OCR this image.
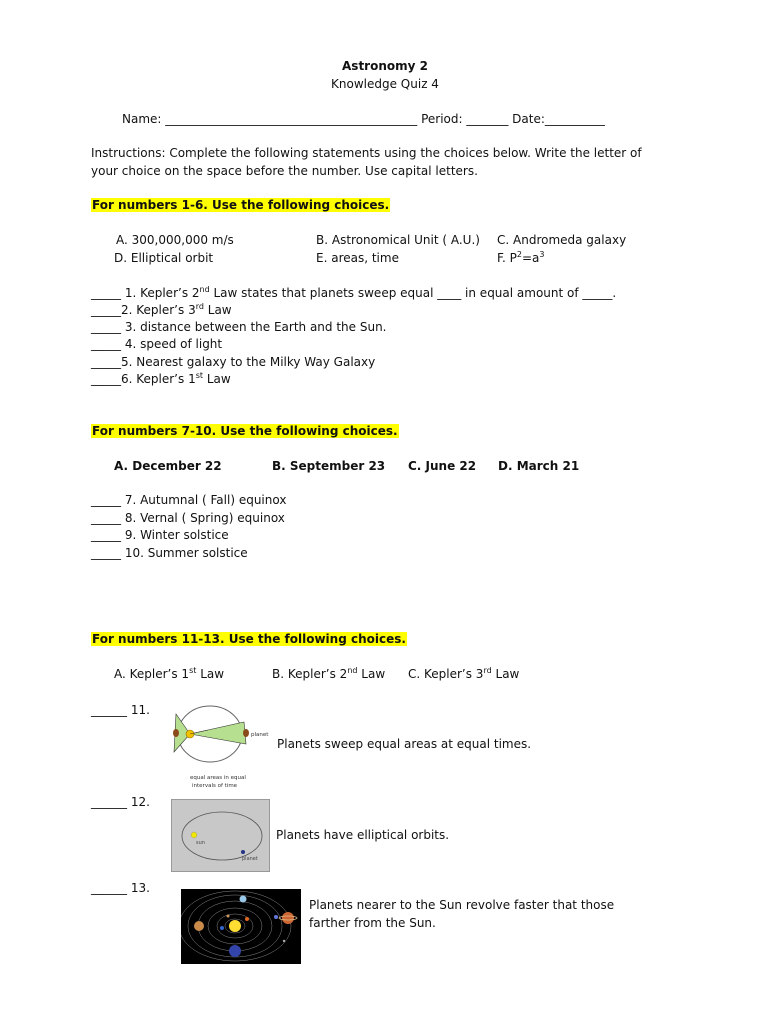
Astronomy 2
Knowledge Quiz 4
Name: __________________________________________ Period: _______ Date:__________
Instructions: Complete the following statements using the choices below. Write the letter of your choice on the space before the number. Use capital letters.
For numbers 1-6. Use the following choices.
A. 300,000,000 m/s	B. Astronomical Unit ( A.U.) C. Andromeda galaxy
D. Elliptical orbit	E. areas, time	F. $P^2=a^3$
_____ 1. Kepler’s 2nd Law states that planets sweep equal ____ in equal amount of _____.
_____2. Kepler’s 3rd Law
_____ 3. distance between the Earth and the Sun.
_____ 4. speed of light
_____5. Nearest galaxy to the Milky Way Galaxy
_____6. Kepler’s 1st Law
For numbers 7-10. Use the following choices.
A. December 22	B. September 23 C. June 22 D. March 21
_____ 7. Autumnal ( Fall) equinox
_____ 8. Vernal ( Spring) equinox
_____ 9. Winter solstice
_____ 10. Summer solstice
For numbers 11-13. Use the following choices.
A. Kepler’s 1st Law	B. Kepler’s 2nd Law C. Kepler’s 3rd Law
______ 11.
planet
equal areas in equal
intervals of time
Planets sweep equal areas at equal times.
______ 12.
sun
planet
Planets have elliptical orbits.
______ 13.
Planets nearer to the Sun revolve faster that those farther from the Sun.
